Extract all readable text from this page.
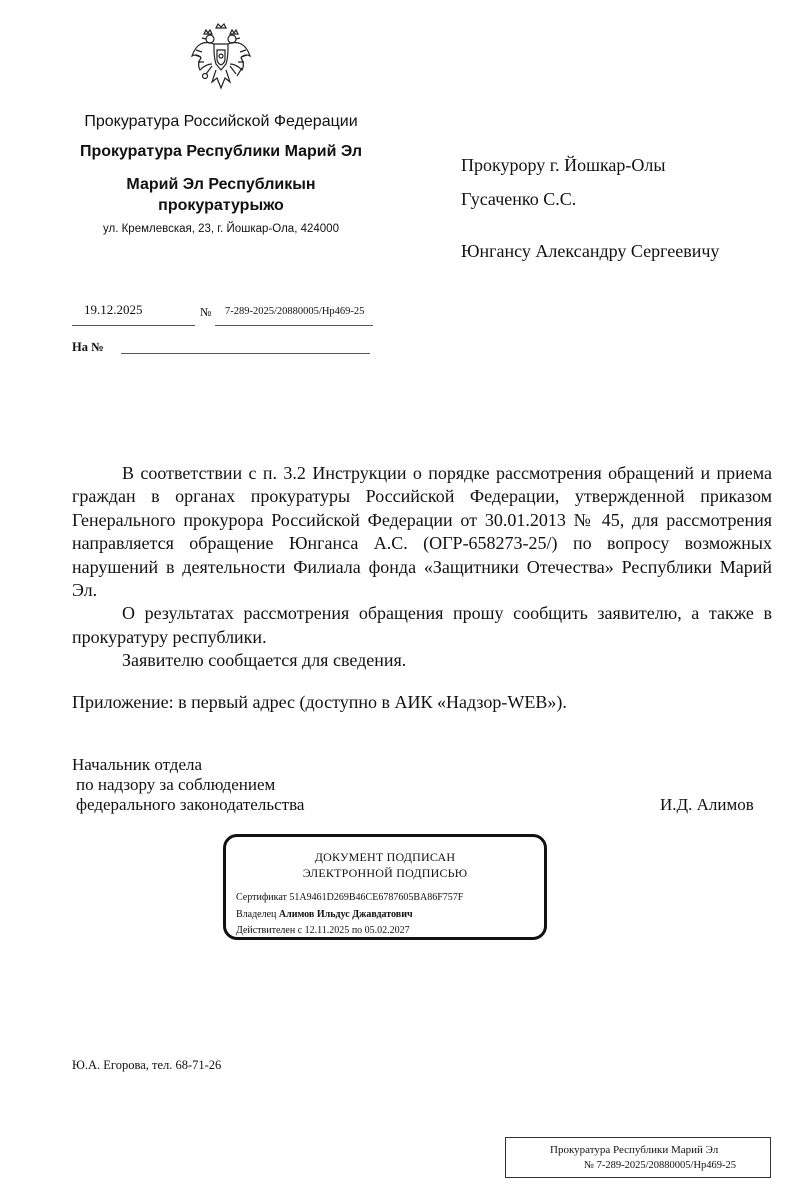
Прокуратура Российской Федерации
Прокуратура Республики Марий Эл
Марий Эл Республикын
прокуратурыжо
ул. Кремлевская, 23, г. Йошкар-Ола, 424000
Прокурору г. Йошкар-Олы
Гусаченко С.С.
Юнгансу Александру Сергеевичу
19.12.2025	№ 7-289-2025/20880005/Нр469-25
На №

В соответствии с п. 3.2 Инструкции о порядке рассмотрения обращений и приема граждан в органах прокуратуры Российской Федерации, утвержденной приказом Генерального прокурора Российской Федерации от 30.01.2013 № 45, для рассмотрения направляется обращение Юнганса А.С. (ОГР-658273-25/) по вопросу возможных нарушений в деятельности Филиала фонда «Защитники Отечества» Республики Марий Эл.

О результатах рассмотрения обращения прошу сообщить заявителю, а также в прокуратуру республики.

Заявителю сообщается для сведения.

Приложение: в первый адрес (доступно в АИК «Надзор-WEB»).
Начальник отдела
по надзору за соблюдением
федерального законодательства	И.Д. Алимов
ДОКУМЕНТ ПОДПИСАН
ЭЛЕКТРОННОЙ ПОДПИСЬЮ
Сертификат 51A9461D269B46CE6787605BA86F757F
Владелец Алимов Ильдус Джавдатович
Действителен с 12.11.2025 по 05.02.2027
Ю.А. Егорова, тел. 68-71-26
Прокуратура Республики Марий Эл
№ 7-289-2025/20880005/Нр469-25
